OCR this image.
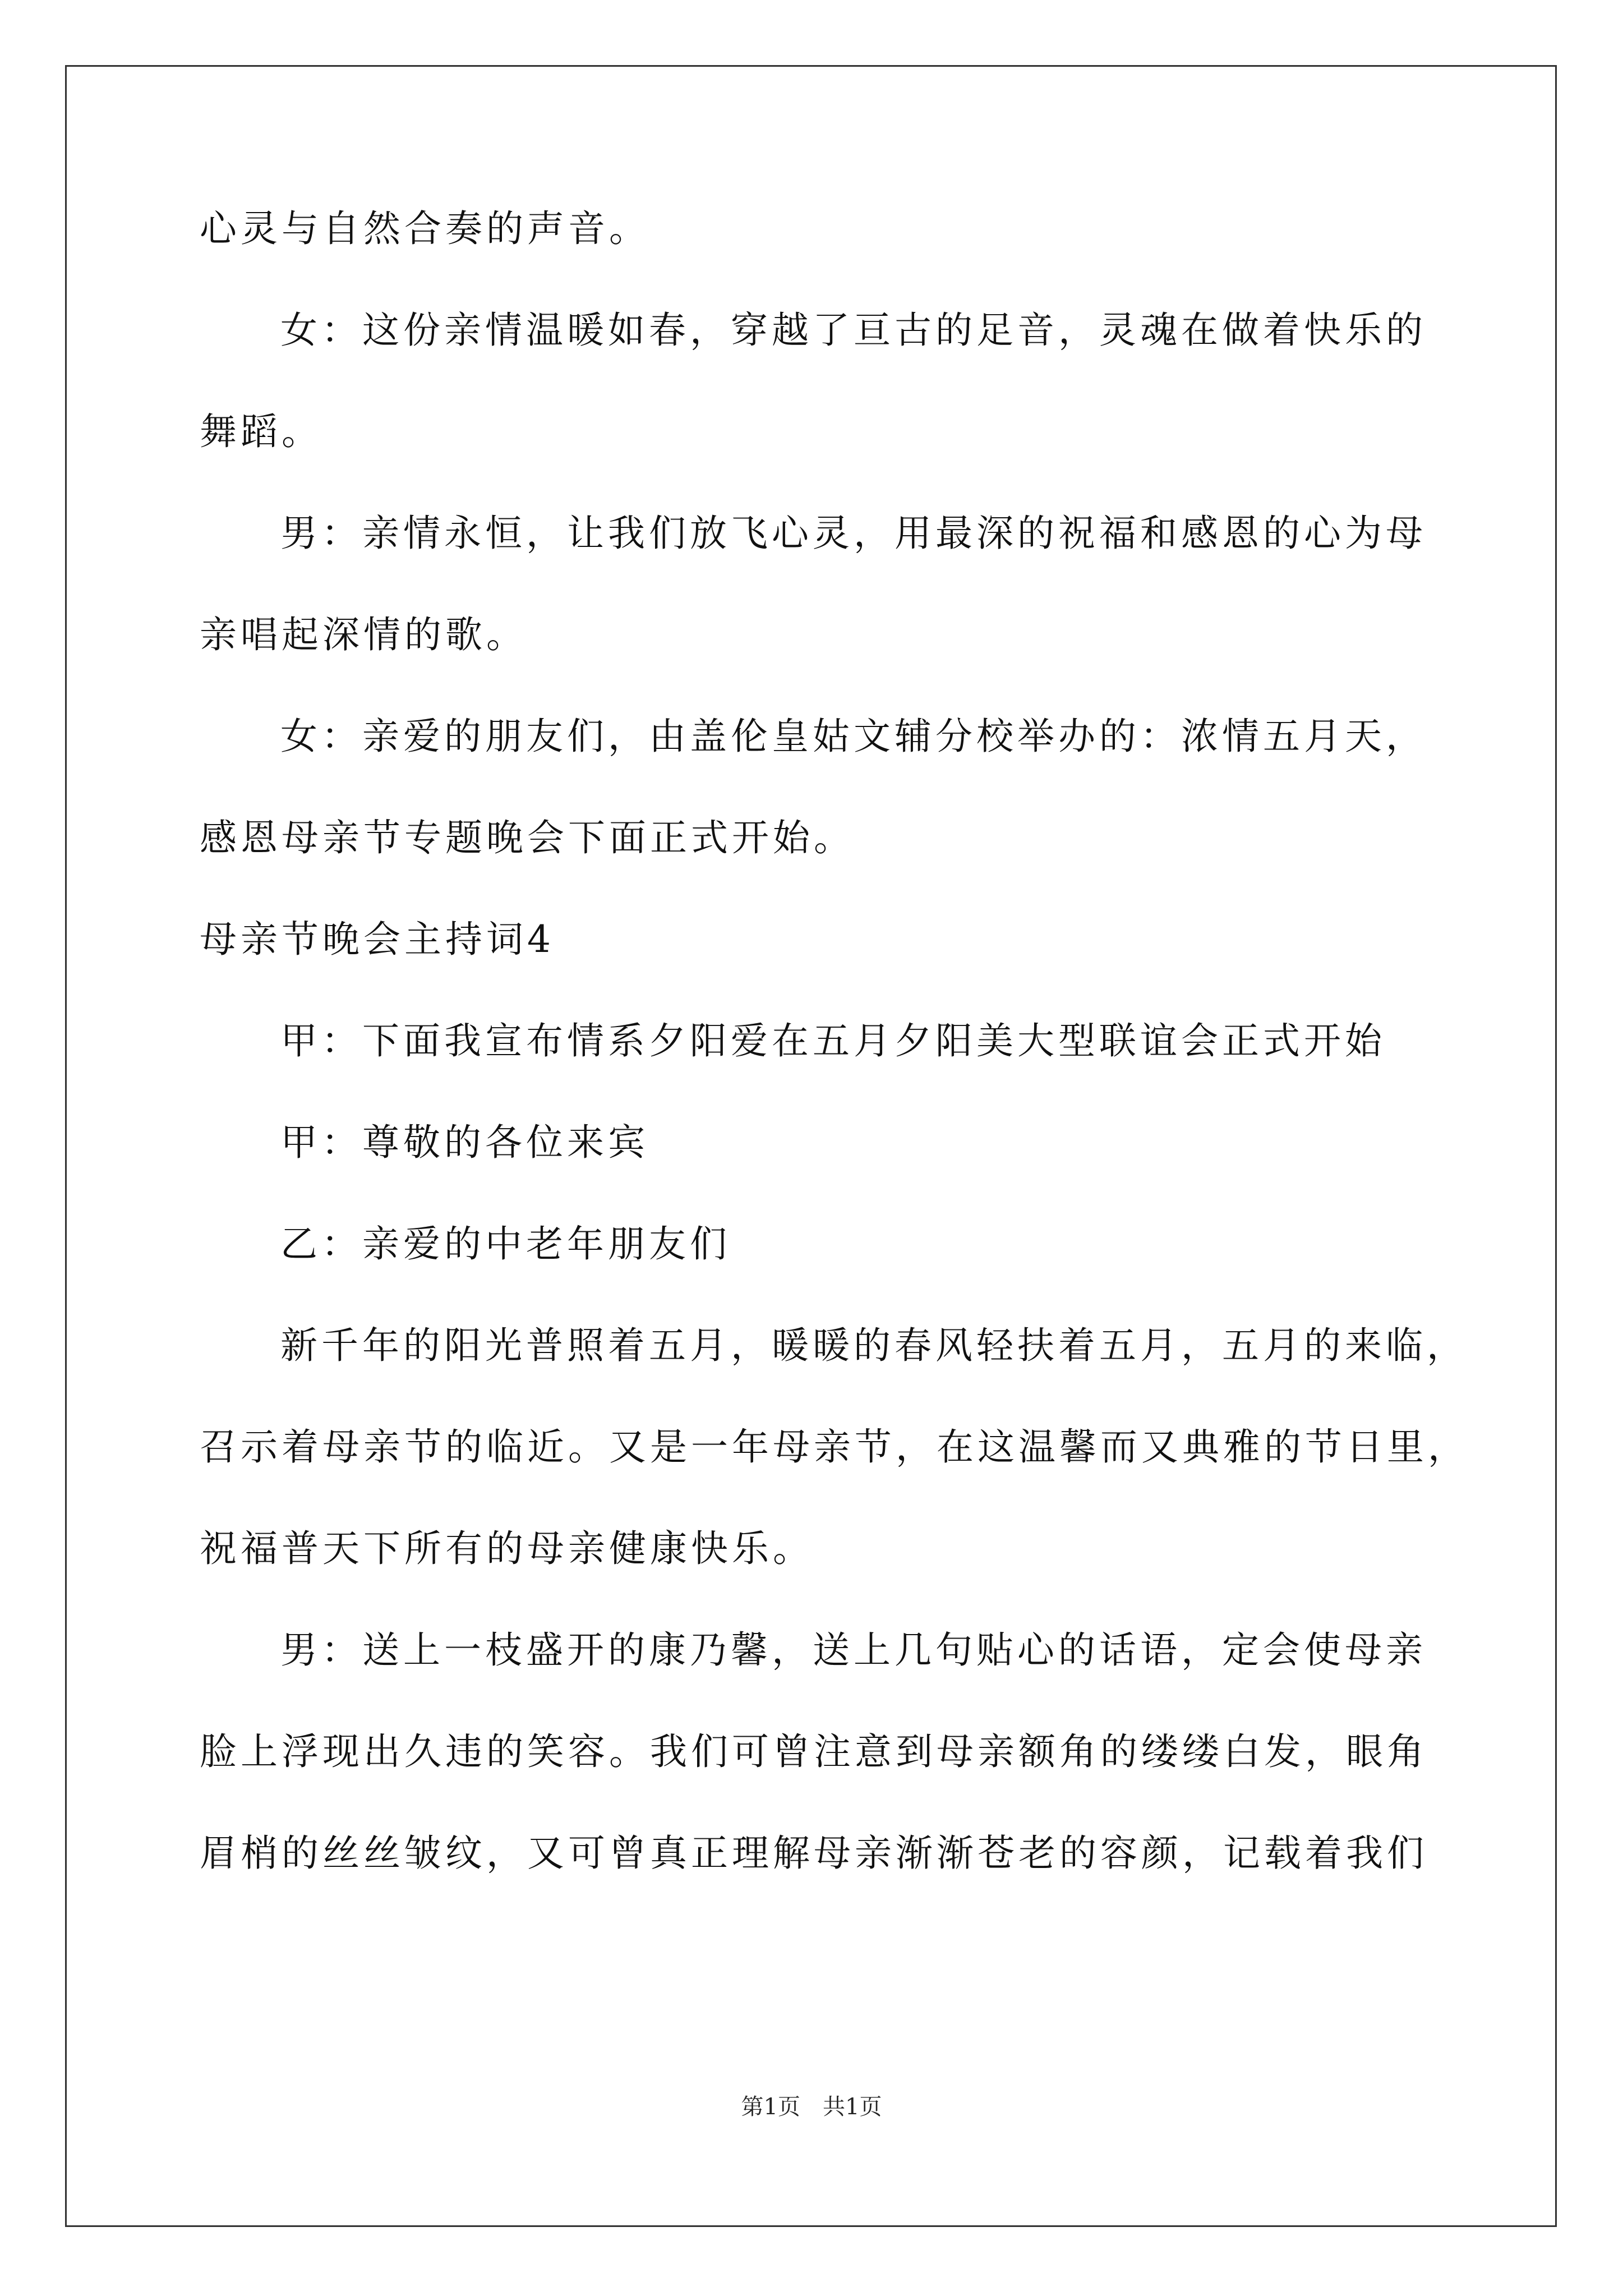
心灵与自然合奏的声音。
女：这份亲情温暖如春，穿越了亘古的足音，灵魂在做着快乐的
舞蹈。
男：亲情永恒，让我们放飞心灵，用最深的祝福和感恩的心为母
亲唱起深情的歌。
女：亲爱的朋友们，由盖伦皇姑文辅分校举办的：浓情五月天，
感恩母亲节专题晚会下面正式开始。
母亲节晚会主持词4
甲：下面我宣布情系夕阳爱在五月夕阳美大型联谊会正式开始
甲：尊敬的各位来宾
乙：亲爱的中老年朋友们
新千年的阳光普照着五月，暖暖的春风轻扶着五月，五月的来临，
召示着母亲节的临近。又是一年母亲节，在这温馨而又典雅的节日里，
祝福普天下所有的母亲健康快乐。
男：送上一枝盛开的康乃馨，送上几句贴心的话语，定会使母亲
脸上浮现出久违的笑容。我们可曾注意到母亲额角的缕缕白发，眼角
眉梢的丝丝皱纹，又可曾真正理解母亲渐渐苍老的容颜，记载着我们
第1页 共1页
